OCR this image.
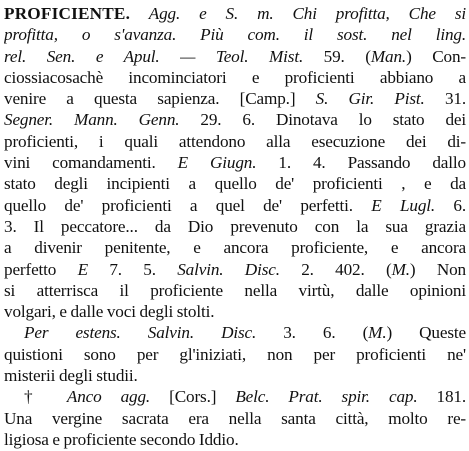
PROFICIENTE. Agg. e S. m. Chi profitta, Che si
profitta, o s'avanza. Più com. il sost. nel ling.
rel. Sen. e Apul. — Teol. Mist. 59. (Man.) Con-
ciossiacosachè incominciatori e proficienti abbiano a
venire a questa sapienza. [Camp.] S. Gir. Pist. 31.
Segner. Mann. Genn. 29. 6. Dinotava lo stato dei
proficienti, i quali attendono alla esecuzione dei di-
vini comandamenti. E Giugn. 1. 4. Passando dallo
stato degli incipienti a quello de' proficienti , e da
quello de' proficienti a quel de' perfetti. E Lugl. 6.
3. Il peccatore... da Dio prevenuto con la sua grazia
a divenir penitente, e ancora proficiente, e ancora
perfetto E 7. 5. Salvin. Disc. 2. 402. (M.) Non
si atterrisca il proficiente nella virtù, dalle opinioni
volgari, e dalle voci degli stolti.
Per estens. Salvin. Disc. 3. 6. (M.) Queste
quistioni sono per gl'iniziati, non per proficienti ne'
misterii degli studii.
† Anco agg. [Cors.] Belc. Prat. spir. cap. 181.
Una vergine sacrata era nella santa città, molto re-
ligiosa e proficiente secondo Iddio.
